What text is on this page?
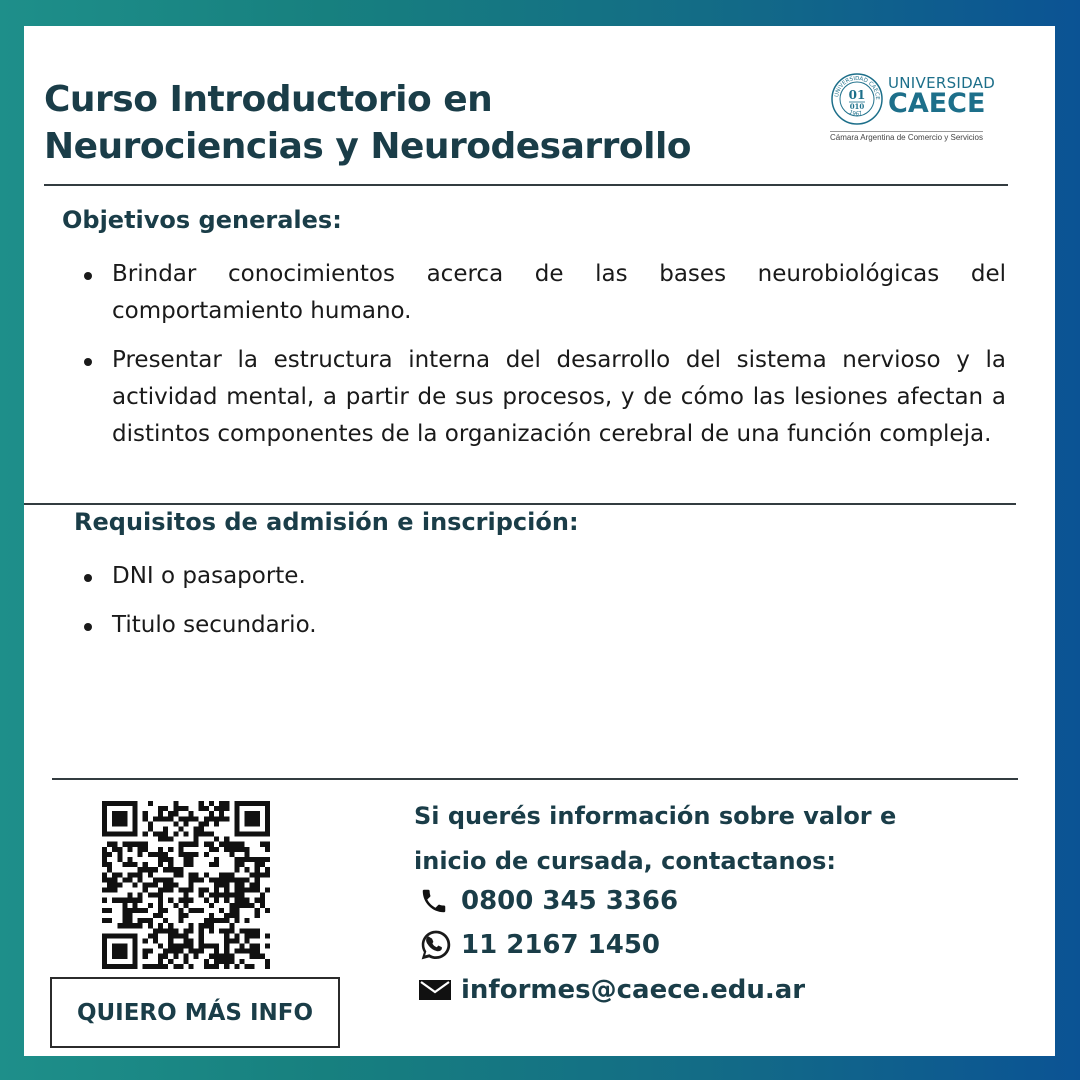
Curso Introductorio en
Neurociencias y Neurodesarrollo
UNIVERSIDAD CAECE
1967
01
010
UNIVERSIDAD
CAECE
Cámara Argentina de Comercio y Servicios
Objetivos generales:
Brindar conocimientos acerca de las bases neurobiológicas del comportamiento humano.
Presentar la estructura interna del desarrollo del sistema nervioso y la actividad mental, a partir de sus procesos, y de cómo las lesiones afectan a distintos componentes de la organización cerebral de una función compleja.
Requisitos de admisión e inscripción:
DNI o pasaporte.
Titulo secundario.
QUIERO MÁS INFO
Si querés información sobre valor e
inicio de cursada, contactanos:
0800 345 3366
11 2167 1450
informes@caece.edu.ar
